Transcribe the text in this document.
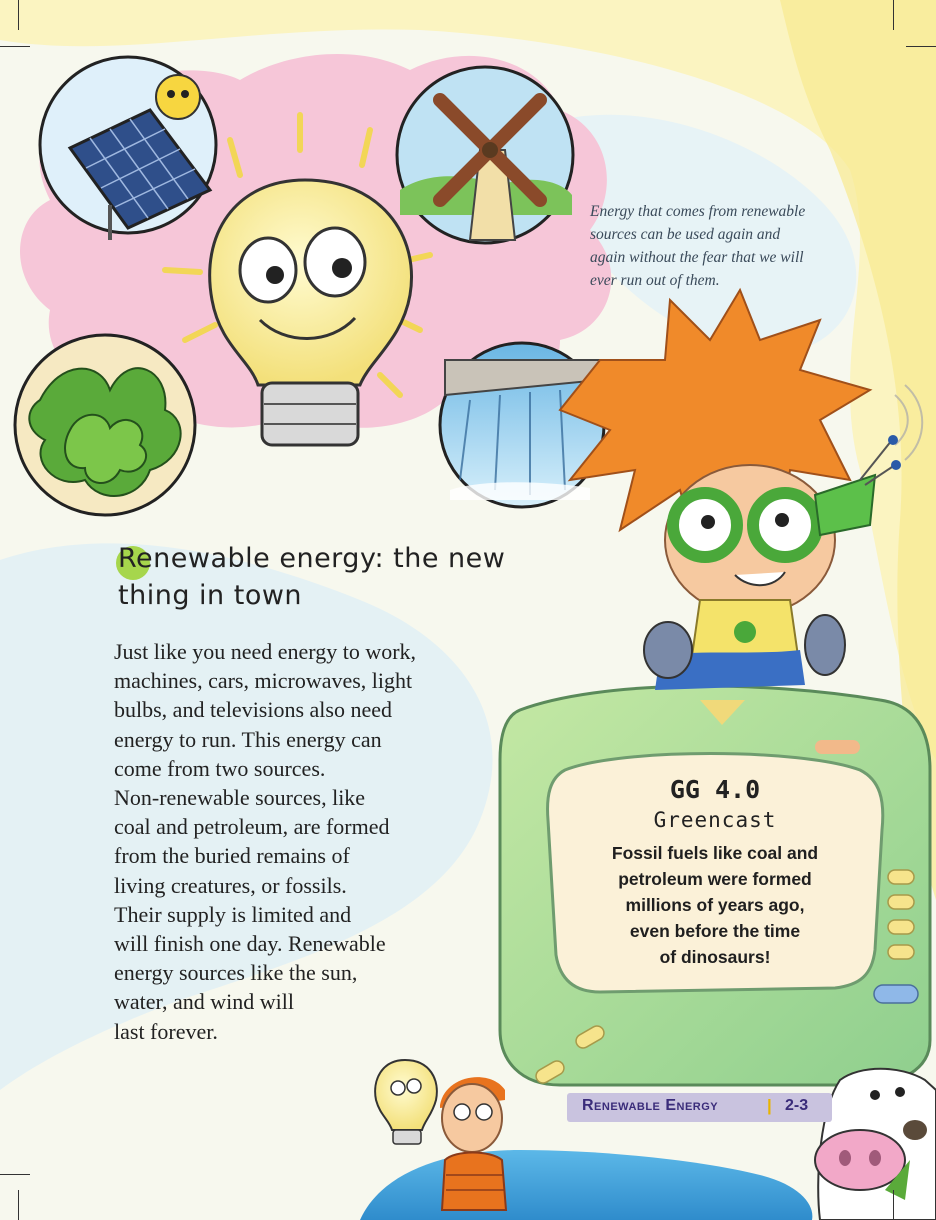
Energy that comes from renewable
sources can be used again and
again without the fear that we will
ever run out of them.
Renewable energy: the new
thing in town
Just like you need energy to work,
machines, cars, microwaves, light
bulbs, and televisions also need
energy to run. This energy can
come from two sources.
Non-renewable sources, like
coal and petroleum, are formed
from the buried remains of
living creatures, or fossils.
Their supply is limited and
will finish one day. Renewable
energy sources like the sun,
water, and wind will
last forever.
GG 4.0
Greencast
Fossil fuels like coal and
petroleum were formed
millions of years ago,
even before the time
of dinosaurs!
Renewable Energy	| 2-3
